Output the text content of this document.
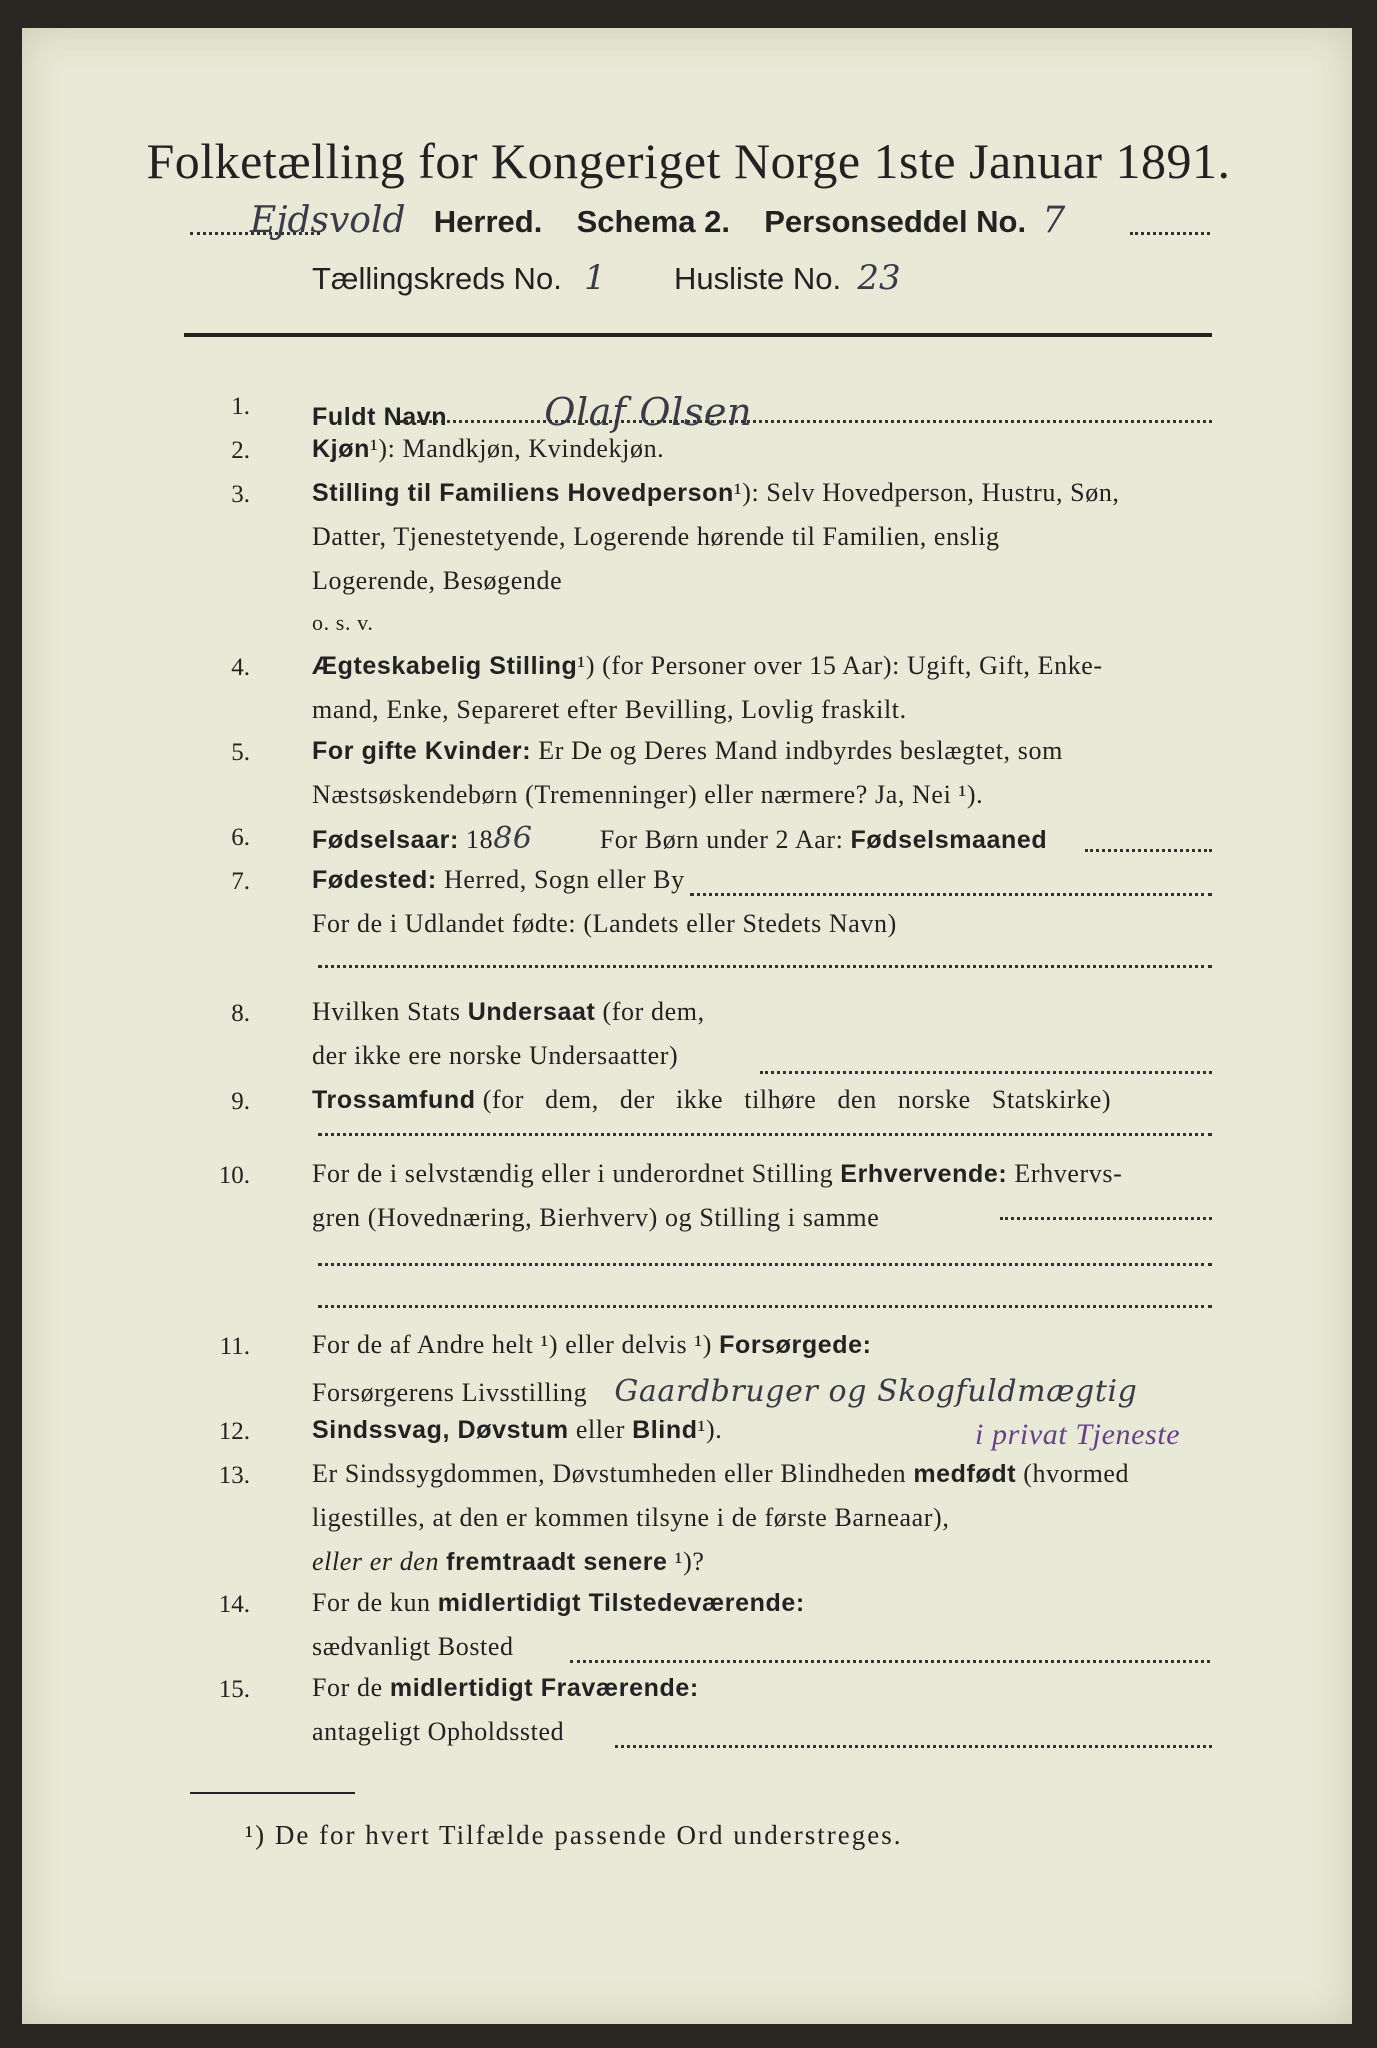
Folketælling for Kongeriget Norge 1ste Januar 1891.
Ejdsvold Herred. Schema 2. Personseddel No. 7
Tællingskreds No. 1 Husliste No. 23
1. Fuldt Navn	Olaf Olsen
2. Kjøn¹): Mandkjøn, Kvindekjøn.
3. Stilling til Familiens Hovedperson¹): Selv Hovedperson, Hustru, Søn,
Datter, Tjenestetyende, Logerende hørende til Familien, enslig
Logerende, Besøgende
o. s. v.
4. Ægteskabelig Stilling¹) (for Personer over 15 Aar): Ugift, Gift, Enke-
mand, Enke, Separeret efter Bevilling, Lovlig fraskilt.
5. For gifte Kvinder: Er De og Deres Mand indbyrdes beslægtet, som
Næstsøskendebørn (Tremenninger) eller nærmere? Ja, Nei ¹).
6. Fødselsaar: 1886	For Børn under 2 Aar: Fødselsmaaned
7. Fødested: Herred, Sogn eller By
For de i Udlandet fødte: (Landets eller Stedets Navn)
8. Hvilken Stats Undersaat (for dem,
der ikke ere norske Undersaatter)
9. Trossamfund (for dem, der ikke tilhøre den norske Statskirke)
10. For de i selvstændig eller i underordnet Stilling Erhvervende: Erhvervs-
gren (Hovednæring, Bierhverv) og Stilling i samme
11. For de af Andre helt ¹) eller delvis ¹) Forsørgede:
Forsørgerens Livsstilling Gaardbruger og Skogfuldmægtig
i privat Tjeneste
12. Sindssvag, Døvstum eller Blind¹).
13. Er Sindssygdommen, Døvstumheden eller Blindheden medfødt (hvormed
ligestilles, at den er kommen tilsyne i de første Barneaar),
eller er den fremtraadt senere ¹)?
14. For de kun midlertidigt Tilstedeværende:
sædvanligt Bosted
15. For de midlertidigt Fraværende:
antageligt Opholdssted
¹) De for hvert Tilfælde passende Ord understreges.
